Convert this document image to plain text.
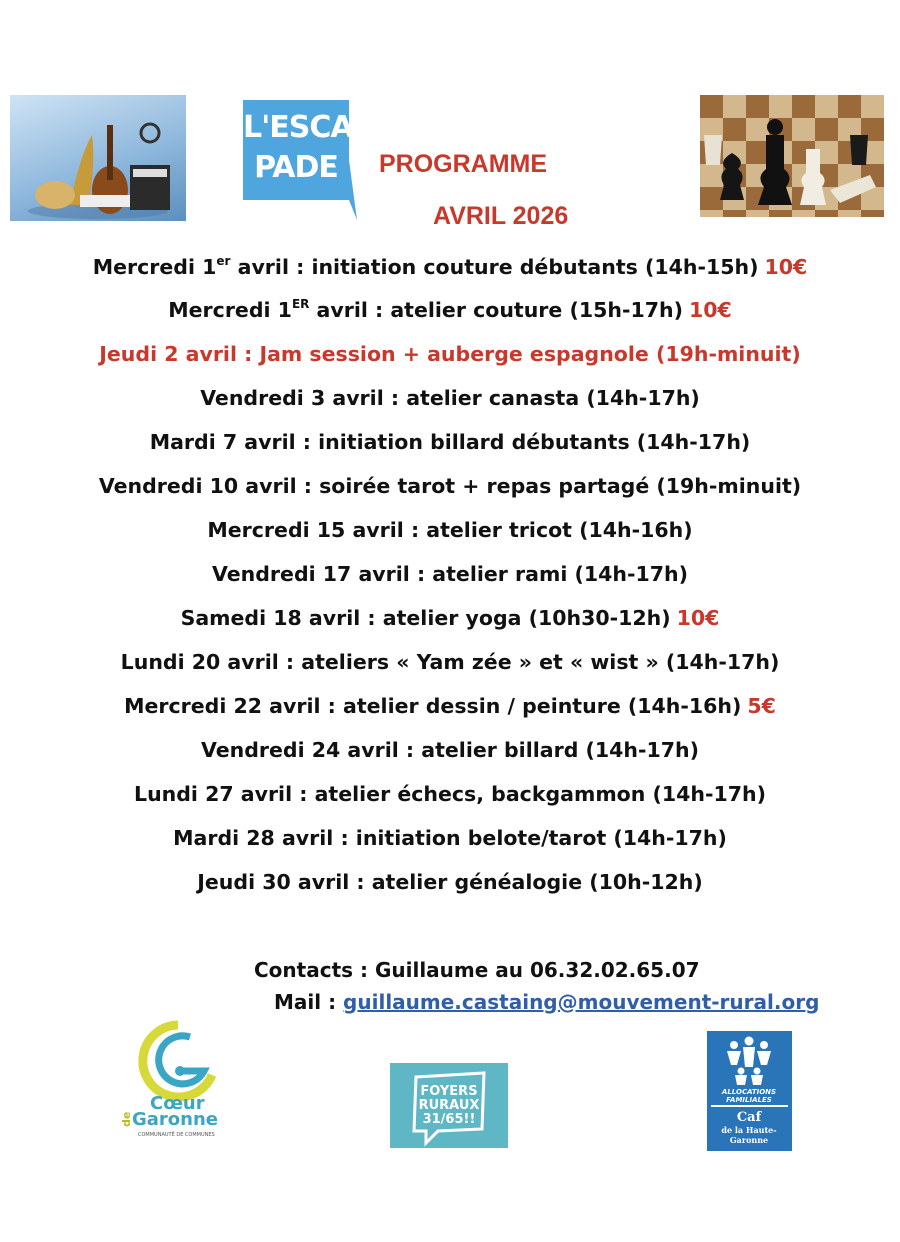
L'ESCA
PADE	PROGRAMME
AVRIL 2026
Mercredi 1er avril : initiation couture débutants (14h-15h) 10€
Mercredi 1ER avril : atelier couture (15h-17h) 10€
Jeudi 2 avril : Jam session + auberge espagnole (19h-minuit)
Vendredi 3 avril : atelier canasta (14h-17h)
Mardi 7 avril : initiation billard débutants (14h-17h)
Vendredi 10 avril : soirée tarot + repas partagé (19h-minuit)
Mercredi 15 avril : atelier tricot (14h-16h)
Vendredi 17 avril : atelier rami (14h-17h)
Samedi 18 avril : atelier yoga (10h30-12h) 10€
Lundi 20 avril : ateliers « Yam zée » et « wist » (14h-17h)
Mercredi 22 avril : atelier dessin / peinture (14h-16h) 5€
Vendredi 24 avril : atelier billard (14h-17h)
Lundi 27 avril : atelier échecs, backgammon (14h-17h)
Mardi 28 avril : initiation belote/tarot (14h-17h)
Jeudi 30 avril : atelier généalogie (10h-12h)
Contacts : Guillaume au 06.32.02.65.07
Mail : guillaume.castaing@mouvement-rural.org
Cœur
de Garonne
COMMUNAUTÉ DE COMMUNES
FOYERS
RURAUX
31/65!!
ALLOCATIONS
FAMILIALES
Caf
de la Haute-
Garonne
